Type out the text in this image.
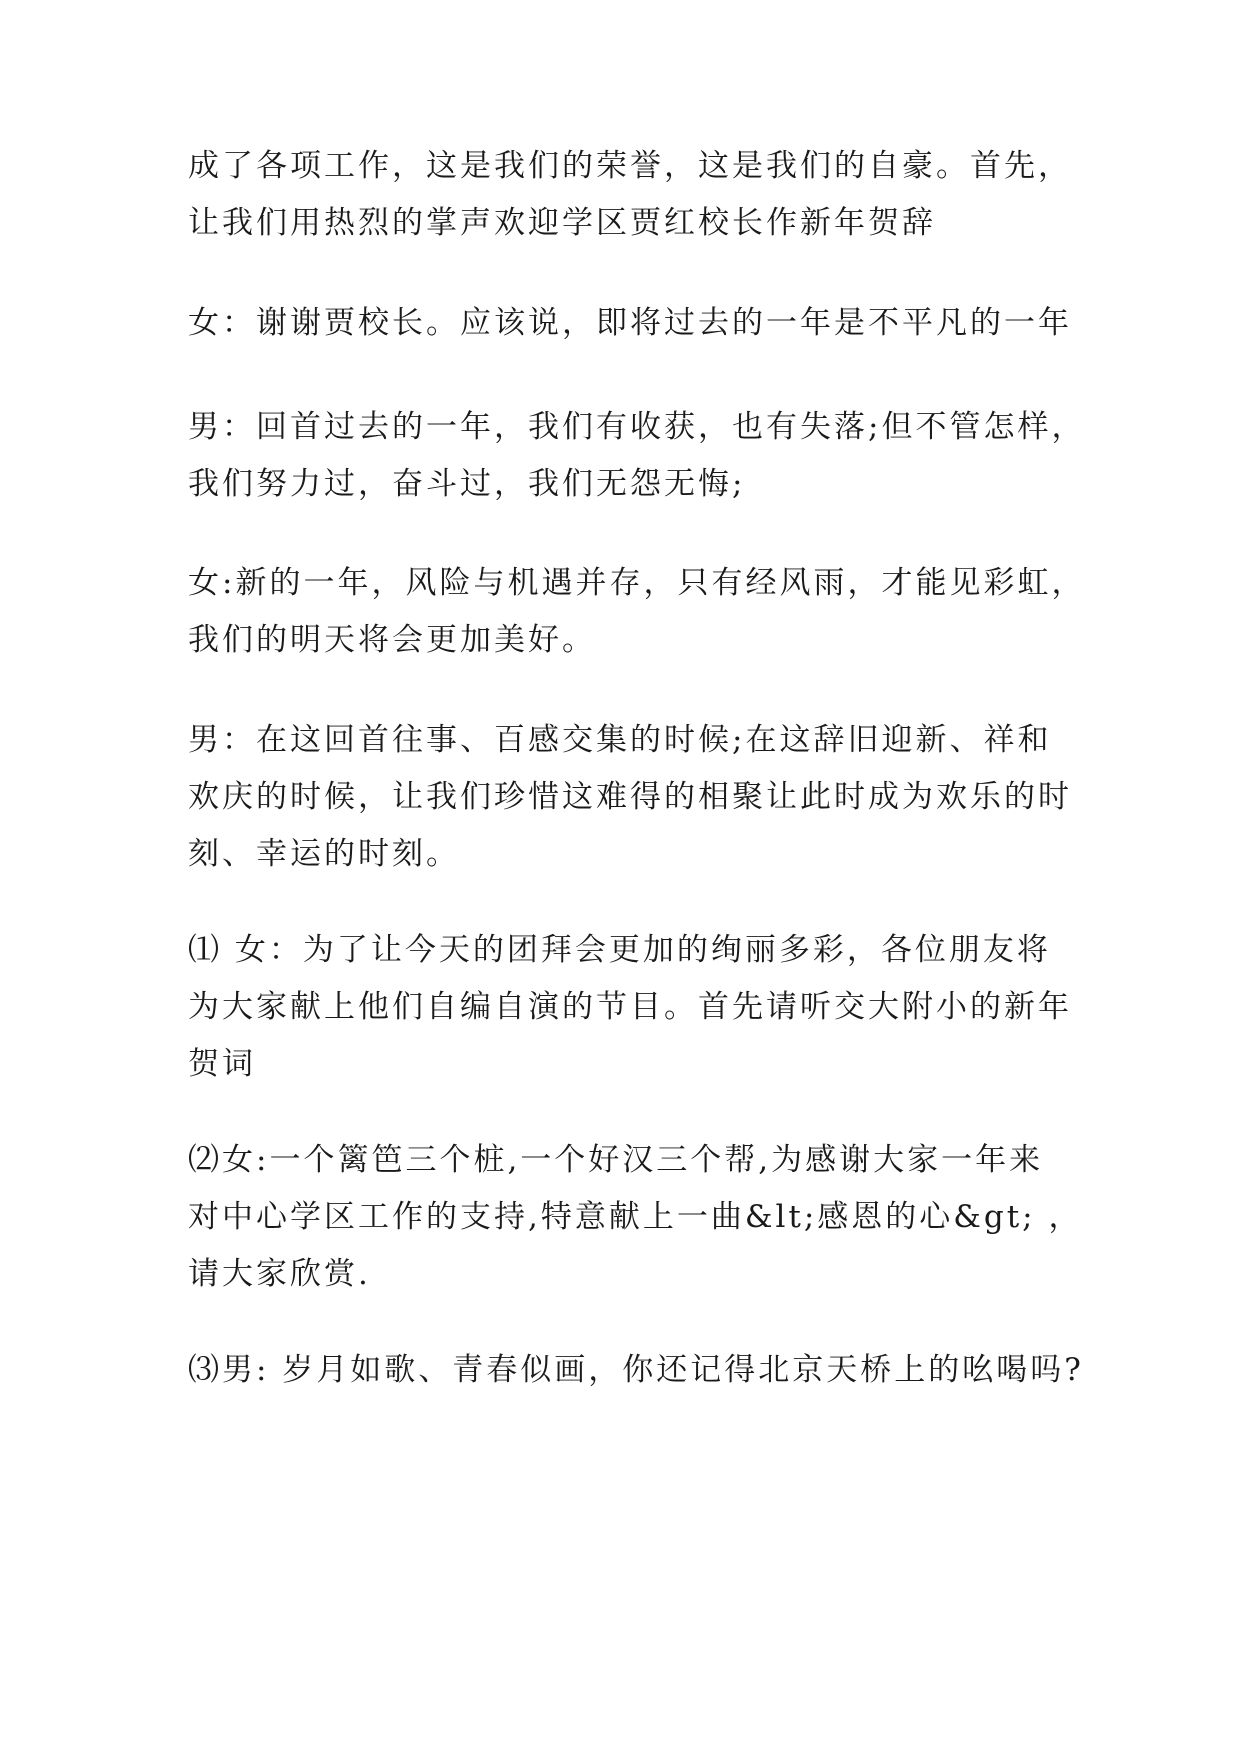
成了各项工作，这是我们的荣誉，这是我们的自豪。首先，
让我们用热烈的掌声欢迎学区贾红校长作新年贺辞

女：谢谢贾校长。应该说，即将过去的一年是不平凡的一年

男：回首过去的一年，我们有收获，也有失落;但不管怎样，
我们努力过，奋斗过，我们无怨无悔;

女:新的一年，风险与机遇并存，只有经风雨，才能见彩虹，
我们的明天将会更加美好。

男：在这回首往事、百感交集的时候;在这辞旧迎新、祥和
欢庆的时候，让我们珍惜这难得的相聚让此时成为欢乐的时
刻、幸运的时刻。

⑴ 女：为了让今天的团拜会更加的绚丽多彩，各位朋友将
为大家献上他们自编自演的节目。首先请听交大附小的新年
贺词

⑵女:一个篱笆三个桩,一个好汉三个帮,为感谢大家一年来
对中心学区工作的支持,特意献上一曲&lt;感恩的心&gt; ，
请大家欣赏.

⑶男: 岁月如歌、青春似画，你还记得北京天桥上的吆喝吗?
